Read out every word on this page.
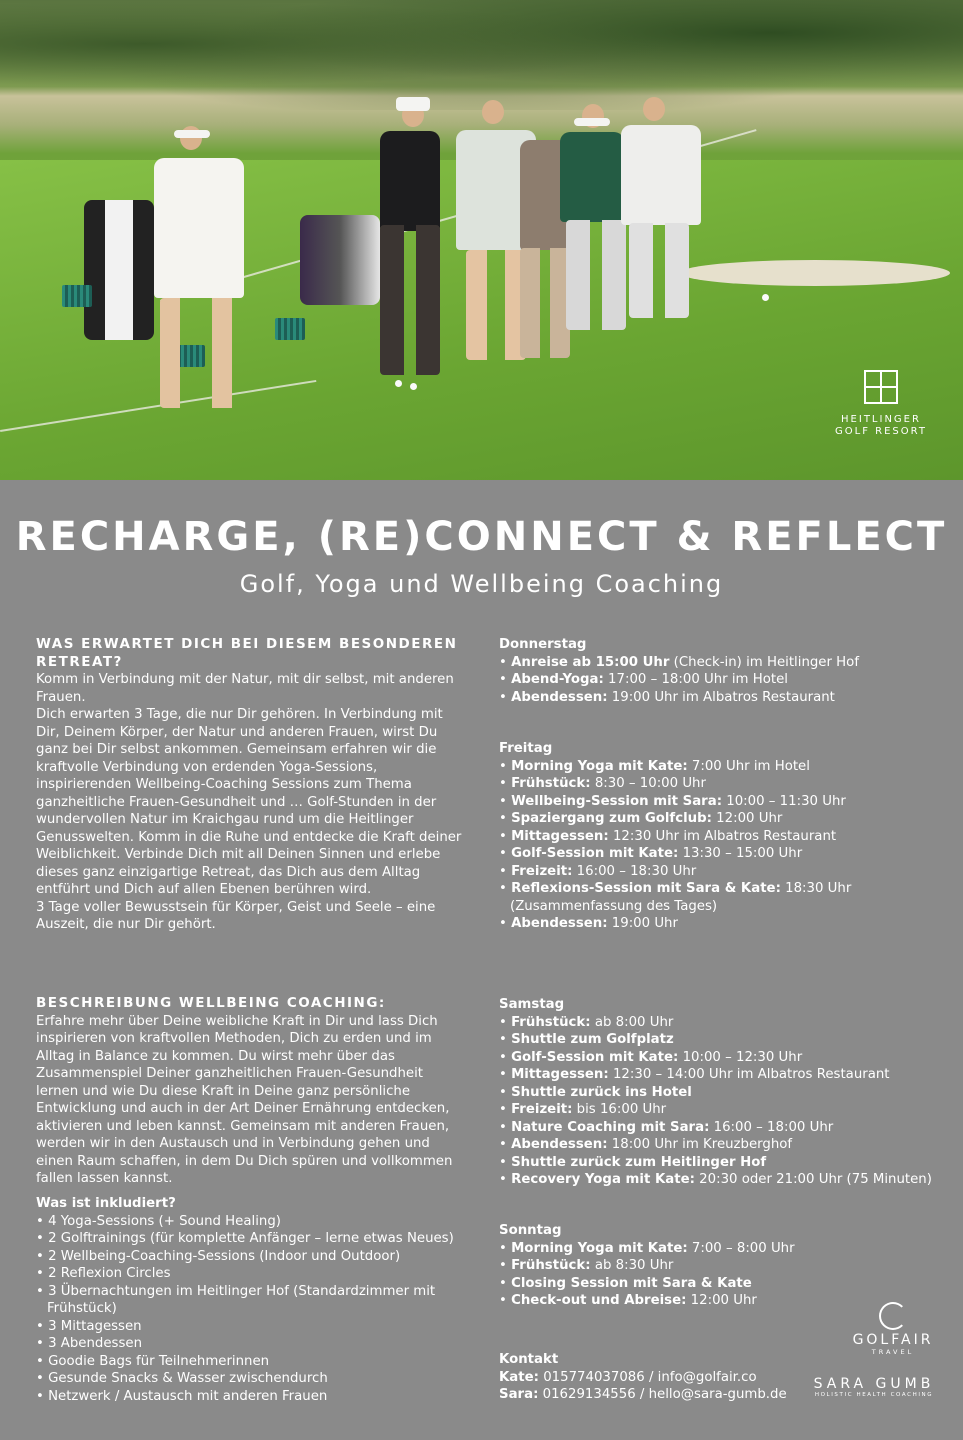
HEITLINGER
GOLF RESORT
RECHARGE, (RE)CONNECT & REFLECT
Golf, Yoga und Wellbeing Coaching
WAS ERWARTET DICH BEI DIESEM BESONDEREN RETREAT?

Komm in Verbindung mit der Natur, mit dir selbst, mit anderen Frauen.

Dich erwarten 3 Tage, die nur Dir gehören. In Verbindung mit Dir, Deinem Körper, der Natur und anderen Frauen, wirst Du ganz bei Dir selbst ankommen. Gemeinsam erfahren wir die kraftvolle Verbindung von erdenden Yoga-Sessions, inspirierenden Wellbeing-Coaching Sessions zum Thema ganzheitliche Frauen-Gesundheit und … Golf-Stunden in der wundervollen Natur im Kraichgau rund um die Heitlinger Genusswelten. Komm in die Ruhe und entdecke die Kraft deiner Weiblichkeit. Verbinde Dich mit all Deinen Sinnen und erlebe dieses ganz einzigartige Retreat, das Dich aus dem Alltag entführt und Dich auf allen Ebenen berühren wird.

3 Tage voller Bewusstsein für Körper, Geist und Seele – eine Auszeit, die nur Dir gehört.

BESCHREIBUNG WELLBEING COACHING:

Erfahre mehr über Deine weibliche Kraft in Dir und lass Dich inspirieren von kraftvollen Methoden, Dich zu erden und im Alltag in Balance zu kommen. Du wirst mehr über das Zusammenspiel Deiner ganzheitlichen Frauen-Gesundheit lernen und wie Du diese Kraft in Deine ganz persönliche Entwicklung und auch in der Art Deiner Ernährung entdecken, aktivieren und leben kannst. Gemeinsam mit anderen Frauen, werden wir in den Austausch und in Verbindung gehen und einen Raum schaffen, in dem Du Dich spüren und vollkommen fallen lassen kannst.

Was ist inkludiert?
• 4 Yoga-Sessions (+ Sound Healing)
• 2 Golftrainings (für komplette Anfänger – lerne etwas Neues)
• 2 Wellbeing-Coaching-Sessions (Indoor und Outdoor)
• 2 Reflexion Circles
• 3 Übernachtungen im Heitlinger Hof (Standardzimmer mit Frühstück)
• 3 Mittagessen
• 3 Abendessen
• Goodie Bags für Teilnehmerinnen
• Gesunde Snacks & Wasser zwischendurch
• Netzwerk / Austausch mit anderen Frauen
Donnerstag
• Anreise ab 15:00 Uhr (Check-in) im Heitlinger Hof
• Abend-Yoga: 17:00 – 18:00 Uhr im Hotel
• Abendessen: 19:00 Uhr im Albatros Restaurant
Freitag
• Morning Yoga mit Kate: 7:00 Uhr im Hotel
• Frühstück: 8:30 – 10:00 Uhr
• Wellbeing-Session mit Sara: 10:00 – 11:30 Uhr
• Spaziergang zum Golfclub: 12:00 Uhr
• Mittagessen: 12:30 Uhr im Albatros Restaurant
• Golf-Session mit Kate: 13:30 – 15:00 Uhr
• Freizeit: 16:00 – 18:30 Uhr
• Reflexions-Session mit Sara & Kate: 18:30 Uhr (Zusammenfassung des Tages)
• Abendessen: 19:00 Uhr
Samstag
• Frühstück: ab 8:00 Uhr
• Shuttle zum Golfplatz
• Golf-Session mit Kate: 10:00 – 12:30 Uhr
• Mittagessen: 12:30 – 14:00 Uhr im Albatros Restaurant
• Shuttle zurück ins Hotel
• Freizeit: bis 16:00 Uhr
• Nature Coaching mit Sara: 16:00 – 18:00 Uhr
• Abendessen: 18:00 Uhr im Kreuzberghof
• Shuttle zurück zum Heitlinger Hof
• Recovery Yoga mit Kate: 20:30 oder 21:00 Uhr (75 Minuten)
Sonntag
• Morning Yoga mit Kate: 7:00 – 8:00 Uhr
• Frühstück: ab 8:30 Uhr
• Closing Session mit Sara & Kate
• Check-out und Abreise: 12:00 Uhr
Kontakt
Kate: 015774037086 / info@golfair.co
Sara: 01629134556 / hello@sara-gumb.de
GOLFAIR
TRAVEL
SARA GUMB
HOLISTIC HEALTH COACHING
